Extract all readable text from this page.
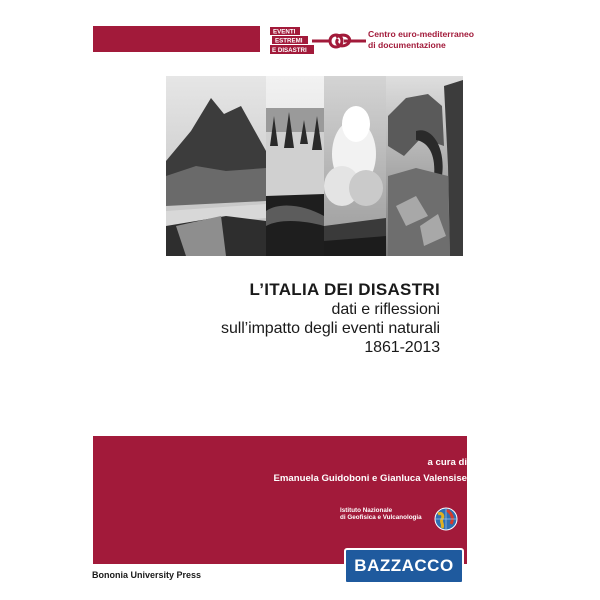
EVENTI
ESTREMI
E DISASTRI
Centro euro-mediterraneo
di documentazione
L’ITALIA DEI DISASTRI
dati e riflessioni
sull’impatto degli eventi naturali
1861-2013
a cura di
Emanuela Guidoboni e Gianluca Valensise
Istituto Nazionale
di Geofisica e Vulcanologia
BAZZACCO
Bononia University Press
